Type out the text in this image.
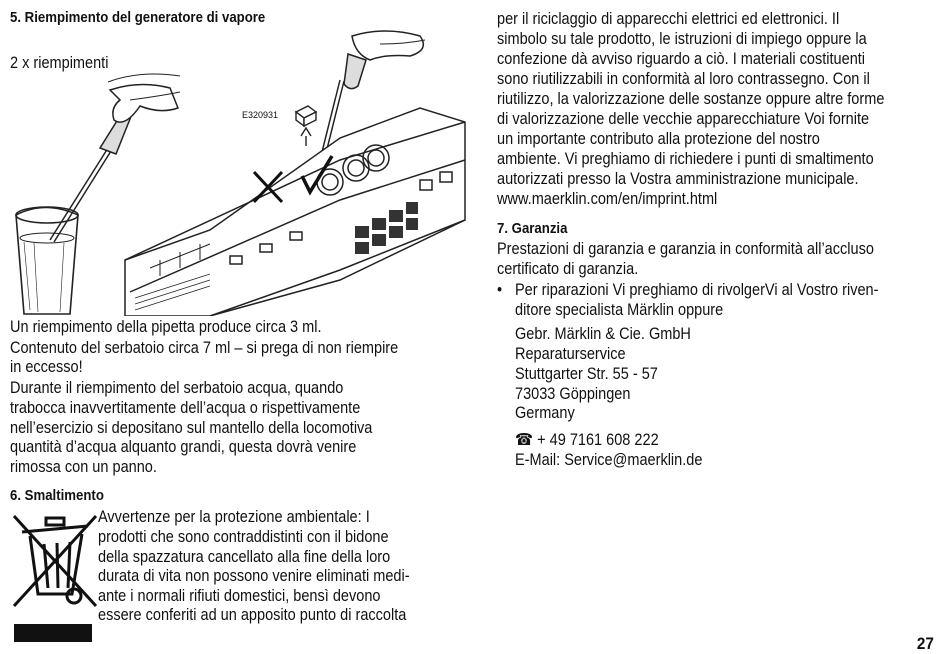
5. Riempimento del generatore di vapore
2 x riempimenti
E320931
Un riempimento della pipetta produce circa 3 ml.
Contenuto del serbatoio circa 7 ml – si prega di non riempire
in eccesso!
Durante il riempimento del serbatoio acqua, quando
trabocca inavvertitamente dell’acqua o rispettivamente
nell’esercizio si depositano sul mantello della locomotiva
quantità d’acqua alquanto grandi, questa dovrà venire
rimossa con un panno.
6. Smaltimento
Avvertenze per la protezione ambientale: I
prodotti che sono contraddistinti con il bidone
della spazzatura cancellato alla fine della loro
durata di vita non possono venire eliminati medi-
ante i normali rifiuti domestici, bensì devono
essere conferiti ad un apposito punto di raccolta
per il riciclaggio di apparecchi elettrici ed elettronici. Il
simbolo su tale prodotto, le istruzioni di impiego oppure la
confezione dà avviso riguardo a ciò. I materiali costituenti
sono riutilizzabili in conformità al loro contrassegno. Con il
riutilizzo, la valorizzazione delle sostanze oppure altre forme
di valorizzazione delle vecchie apparecchiature Voi fornite
un importante contributo alla protezione del nostro
ambiente. Vi preghiamo di richiedere i punti di smaltimento
autorizzati presso la Vostra amministrazione municipale.
www.maerklin.com/en/imprint.html
7. Garanzia
Prestazioni di garanzia e garanzia in conformità all’accluso
certificato di garanzia.
• Per riparazioni Vi preghiamo di rivolgerVi al Vostro riven-
ditore specialista Märklin oppure
Gebr. Märklin & Cie. GmbH
Reparaturservice
Stuttgarter Str. 55 - 57
73033 Göppingen
Germany
☎ + 49 7161 608 222
E-Mail: Service@maerklin.de
27
